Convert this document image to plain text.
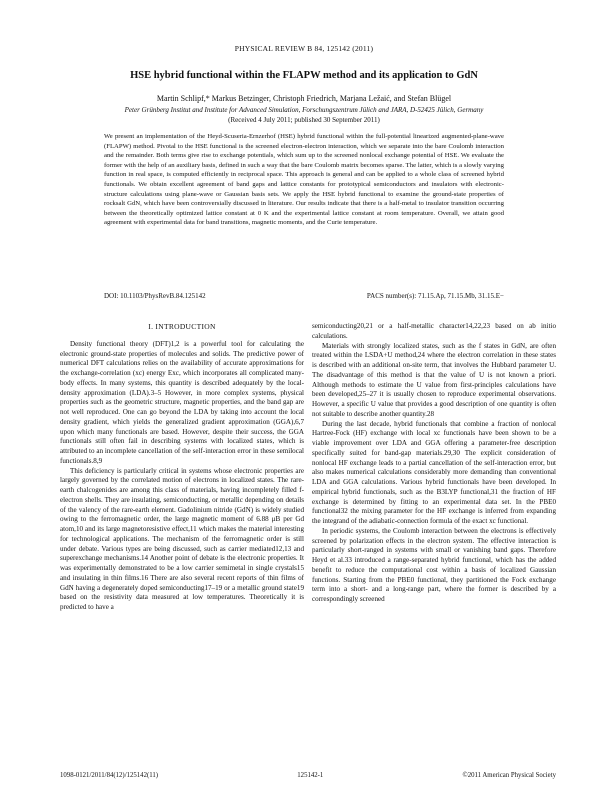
PHYSICAL REVIEW B 84, 125142 (2011)
HSE hybrid functional within the FLAPW method and its application to GdN
Martin Schlipf,* Markus Betzinger, Christoph Friedrich, Marjana Ležaić, and Stefan Blügel
Peter Grünberg Institut and Institute for Advanced Simulation, Forschungszentrum Jülich and JARA, D-52425 Jülich, Germany
(Received 4 July 2011; published 30 September 2011)

We present an implementation of the Heyd-Scuseria-Ernzerhof (HSE) hybrid functional within the full-potential linearized augmented-plane-wave (FLAPW) method. Pivotal to the HSE functional is the screened electron-electron interaction, which we separate into the bare Coulomb interaction and the remainder. Both terms give rise to exchange potentials, which sum up to the screened nonlocal exchange potential of HSE. We evaluate the former with the help of an auxiliary basis, defined in such a way that the bare Coulomb matrix becomes sparse. The latter, which is a slowly varying function in real space, is computed efficiently in reciprocal space. This approach is general and can be applied to a whole class of screened hybrid functionals. We obtain excellent agreement of band gaps and lattice constants for prototypical semiconductors and insulators with electronic-structure calculations using plane-wave or Gaussian basis sets. We apply the HSE hybrid functional to examine the ground-state properties of rocksalt GdN, which have been controversially discussed in literature. Our results indicate that there is a half-metal to insulator transition occurring between the theoretically optimized lattice constant at 0 K and the experimental lattice constant at room temperature. Overall, we attain good agreement with experimental data for band transitions, magnetic moments, and the Curie temperature.

DOI: 10.1103/PhysRevB.84.125142	PACS number(s): 71.15.Ap, 71.15.Mb, 31.15.E−
I. INTRODUCTION

Density functional theory (DFT)1,2 is a powerful tool for calculating the electronic ground-state properties of molecules and solids. The predictive power of numerical DFT calculations relies on the availability of accurate approximations for the exchange-correlation (xc) energy Exc, which incorporates all complicated many-body effects. In many systems, this quantity is described adequately by the local-density approximation (LDA).3–5 However, in more complex systems, physical properties such as the geometric structure, magnetic properties, and the band gap are not well reproduced. One can go beyond the LDA by taking into account the local density gradient, which yields the generalized gradient approximation (GGA),6,7 upon which many functionals are based. However, despite their success, the GGA functionals still often fail in describing systems with localized states, which is attributed to an incomplete cancellation of the self-interaction error in these semilocal functionals.8,9

This deficiency is particularly critical in systems whose electronic properties are largely governed by the correlated motion of electrons in localized states. The rare-earth chalcogenides are among this class of materials, having incompletely filled f-electron shells. They are insulating, semiconducting, or metallic depending on details of the valency of the rare-earth element. Gadolinium nitride (GdN) is widely studied owing to the ferromagnetic order, the large magnetic moment of 6.88 μB per Gd atom,10 and its large magnetoresistive effect,11 which makes the material interesting for technological applications. The mechanism of the ferromagnetic order is still under debate. Various types are being discussed, such as carrier mediated12,13 and superexchange mechanisms.14 Another point of debate is the electronic properties. It was experimentally demonstrated to be a low carrier semimetal in single crystals15 and insulating in thin films.16 There are also several recent reports of thin films of GdN having a degenerately doped semiconducting17–19 or a metallic ground state19 based on the resistivity data measured at low temperatures. Theoretically it is predicted to have a

semiconducting20,21 or a half-metallic character14,22,23 based on ab initio calculations.

Materials with strongly localized states, such as the f states in GdN, are often treated within the LSDA+U method,24 where the electron correlation in these states is described with an additional on-site term, that involves the Hubbard parameter U. The disadvantage of this method is that the value of U is not known a priori. Although methods to estimate the U value from first-principles calculations have been developed,25–27 it is usually chosen to reproduce experimental observations. However, a specific U value that provides a good description of one quantity is often not suitable to describe another quantity.28

During the last decade, hybrid functionals that combine a fraction of nonlocal Hartree-Fock (HF) exchange with local xc functionals have been shown to be a viable improvement over LDA and GGA offering a parameter-free description specifically suited for band-gap materials.29,30 The explicit consideration of nonlocal HF exchange leads to a partial cancellation of the self-interaction error, but also makes numerical calculations considerably more demanding than conventional LDA and GGA calculations. Various hybrid functionals have been developed. In empirical hybrid functionals, such as the B3LYP functional,31 the fraction of HF exchange is determined by fitting to an experimental data set. In the PBE0 functional32 the mixing parameter for the HF exchange is inferred from expanding the integrand of the adiabatic-connection formula of the exact xc functional.

In periodic systems, the Coulomb interaction between the electrons is effectively screened by polarization effects in the electron system. The effective interaction is particularly short-ranged in systems with small or vanishing band gaps. Therefore Heyd et al.33 introduced a range-separated hybrid functional, which has the added benefit to reduce the computational cost within a basis of localized Gaussian functions. Starting from the PBE0 functional, they partitioned the Fock exchange term into a short- and a long-range part, where the former is described by a correspondingly screened

1098-0121/2011/84(12)/125142(11)	125142-1	©2011 American Physical Society
